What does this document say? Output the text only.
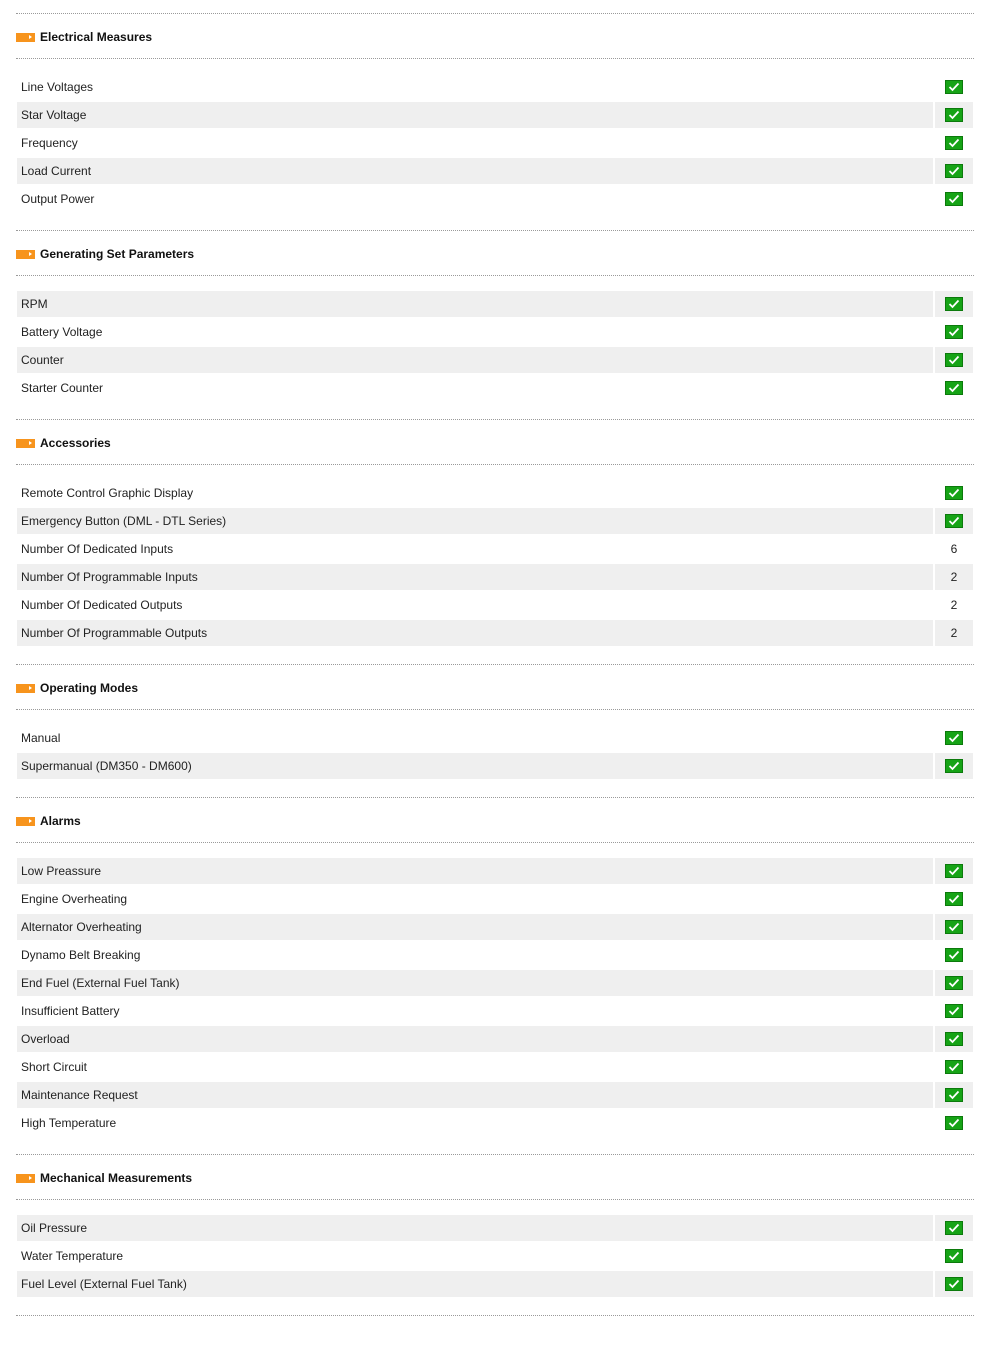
Electrical Measures
Line Voltages
Star Voltage
Frequency
Load Current
Output Power
Generating Set Parameters
RPM
Battery Voltage
Counter
Starter Counter
Accessories
Remote Control Graphic Display
Emergency Button (DML - DTL Series)
Number Of Dedicated Inputs	6
Number Of Programmable Inputs	2
Number Of Dedicated Outputs	2
Number Of Programmable Outputs	2
Operating Modes
Manual
Supermanual (DM350 - DM600)
Alarms
Low Preassure
Engine Overheating
Alternator Overheating
Dynamo Belt Breaking
End Fuel (External Fuel Tank)
Insufficient Battery
Overload
Short Circuit
Maintenance Request
High Temperature
Mechanical Measurements
Oil Pressure
Water Temperature
Fuel Level (External Fuel Tank)
